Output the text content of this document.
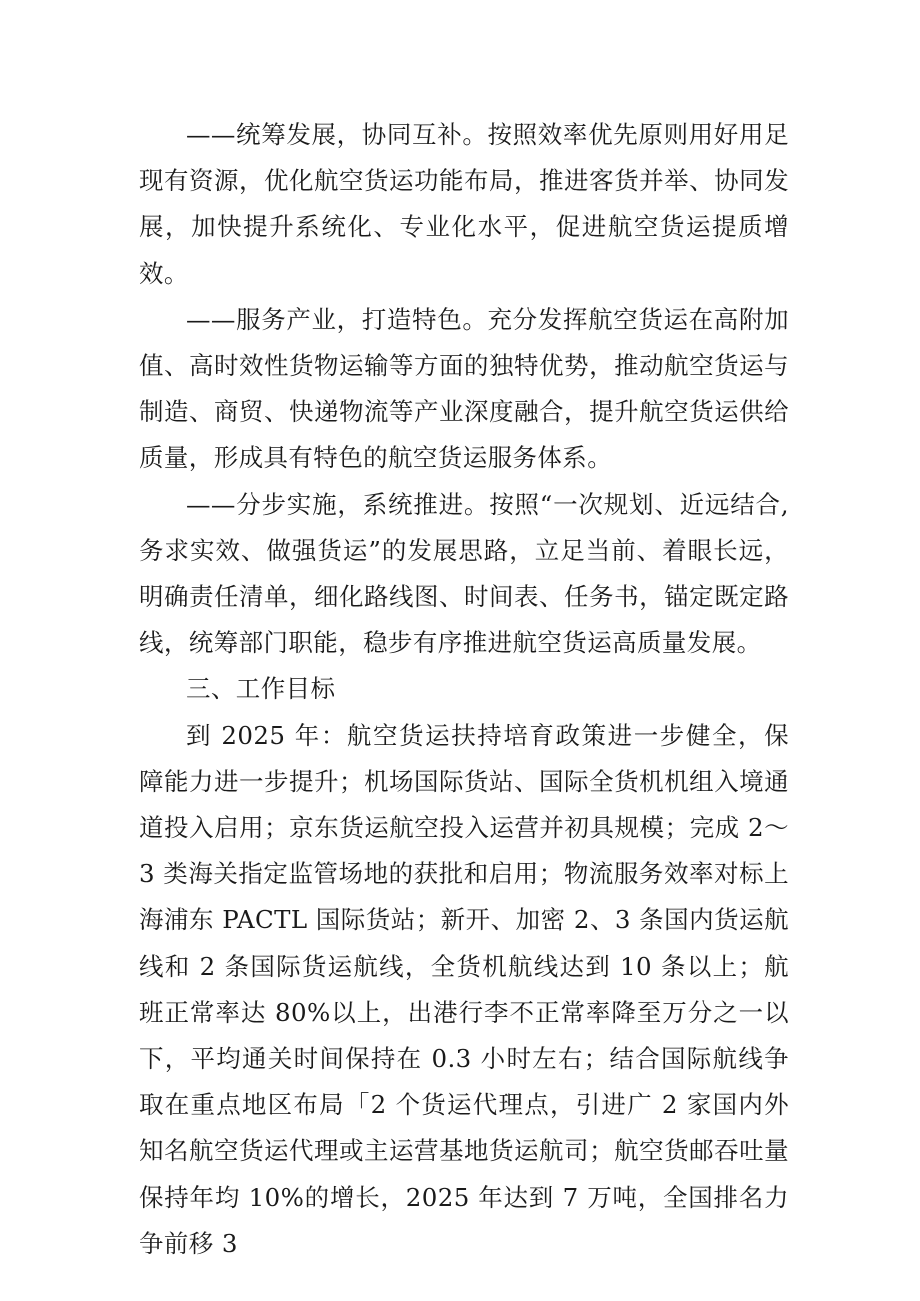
——统筹发展，协同互补。按照效率优先原则用好用足现有资源，优化航空货运功能布局，推进客货并举、协同发展，加快提升系统化、专业化水平，促进航空货运提质增效。

——服务产业，打造特色。充分发挥航空货运在高附加值、高时效性货物运输等方面的独特优势，推动航空货运与制造、商贸、快递物流等产业深度融合，提升航空货运供给质量，形成具有特色的航空货运服务体系。

——分步实施，系统推进。按照“一次规划、近远结合,务求实效、做强货运”的发展思路，立足当前、着眼长远，明确责任清单，细化路线图、时间表、任务书，锚定既定路线，统筹部门职能，稳步有序推进航空货运高质量发展。

三、工作目标

到 2025 年：航空货运扶持培育政策进一步健全，保障能力进一步提升；机场国际货站、国际全货机机组入境通道投入启用；京东货运航空投入运营并初具规模；完成 2～3 类海关指定监管场地的获批和启用；物流服务效率对标上海浦东 PACTL 国际货站；新开、加密 2、3 条国内货运航线和 2 条国际货运航线，全货机航线达到 10 条以上；航班正常率达 80%以上，出港行李不正常率降至万分之一以下，平均通关时间保持在 0.3 小时左右；结合国际航线争取在重点地区布局「2 个货运代理点，引进广 2 家国内外知名航空货运代理或主运营基地货运航司；航空货邮吞吐量保持年均 10%的增长，2025 年达到 7 万吨，全国排名力争前移 3
